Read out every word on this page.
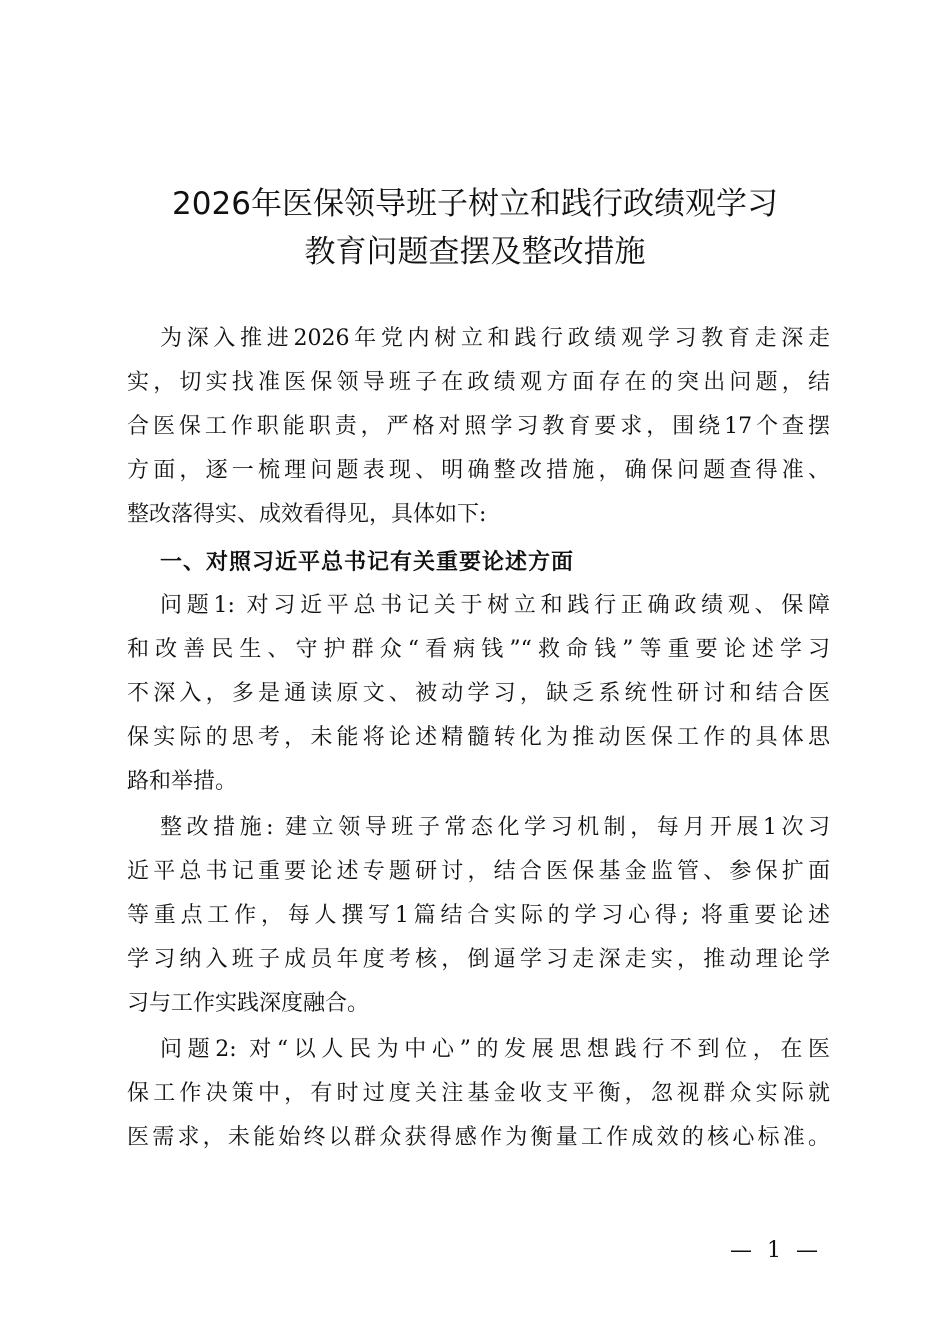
2026年医保领导班子树立和践行政绩观学习
教育问题查摆及整改措施
为深入推进2026年党内树立和践行政绩观学习教育走深走
实，切实找准医保领导班子在政绩观方面存在的突出问题，结
合医保工作职能职责，严格对照学习教育要求，围绕17个查摆
方面，逐一梳理问题表现、明确整改措施，确保问题查得准、
整改落得实、成效看得见，具体如下:
一、对照习近平总书记有关重要论述方面
问题1: 对习近平总书记关于树立和践行正确政绩观、保障
和改善民生、守护群众“看病钱”“救命钱”等重要论述学习
不深入，多是通读原文、被动学习，缺乏系统性研讨和结合医
保实际的思考，未能将论述精髓转化为推动医保工作的具体思
路和举措。
整改措施: 建立领导班子常态化学习机制，每月开展1次习
近平总书记重要论述专题研讨，结合医保基金监管、参保扩面
等重点工作，每人撰写1篇结合实际的学习心得; 将重要论述
学习纳入班子成员年度考核，倒逼学习走深走实，推动理论学
习与工作实践深度融合。
问题2: 对“以人民为中心”的发展思想践行不到位，在医
保工作决策中，有时过度关注基金收支平衡，忽视群众实际就
医需求，未能始终以群众获得感作为衡量工作成效的核心标准。
— 1 —
